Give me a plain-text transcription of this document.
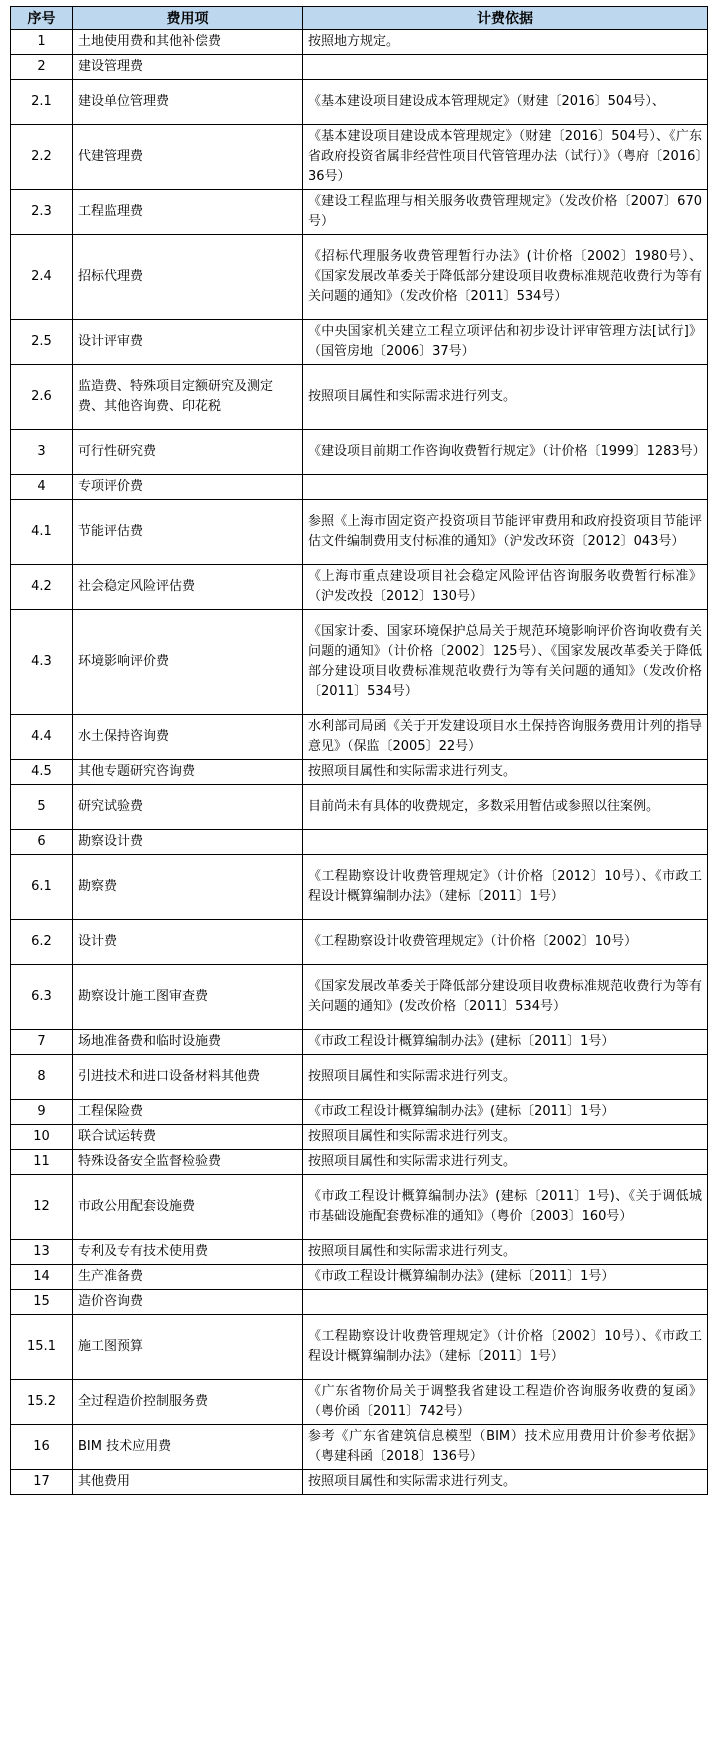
序号	费用项	计费依据
1	土地使用费和其他补偿费	按照地方规定。
2	建设管理费	
2.1	建设单位管理费	《基本建设项目建设成本管理规定》（财建〔2016〕504号）、
2.2	代建管理费	《基本建设项目建设成本管理规定》（财建〔2016〕504号）、《广东省政府投资省属非经营性项目代管管理办法（试行）》（粤府〔2016〕36号）
2.3	工程监理费	《建设工程监理与相关服务收费管理规定》（发改价格〔2007〕670号）
2.4	招标代理费	《招标代理服务收费管理暂行办法》(计价格〔2002〕1980号）、《国家发展改革委关于降低部分建设项目收费标准规范收费行为等有关问题的通知》（发改价格〔2011〕534号）
2.5	设计评审费	《中央国家机关建立工程立项评估和初步设计评审管理方法[试行]》（国管房地〔2006〕37号）
2.6	监造费、特殊项目定额研究及测定费、其他咨询费、印花税	按照项目属性和实际需求进行列支。
3	可行性研究费	《建设项目前期工作咨询收费暂行规定》（计价格〔1999〕1283号）
4	专项评价费	
4.1	节能评估费	参照《上海市固定资产投资项目节能评审费用和政府投资项目节能评估文件编制费用支付标准的通知》（沪发改环资〔2012〕043号）
4.2	社会稳定风险评估费	《上海市重点建设项目社会稳定风险评估咨询服务收费暂行标准》（沪发改投〔2012〕130号）
4.3	环境影响评价费	《国家计委、国家环境保护总局关于规范环境影响评价咨询收费有关问题的通知》（计价格〔2002〕125号）、《国家发展改革委关于降低部分建设项目收费标准规范收费行为等有关问题的通知》（发改价格〔2011〕534号）
4.4	水土保持咨询费	水利部司局函《关于开发建设项目水土保持咨询服务费用计列的指导意见》（保监〔2005〕22号）
4.5	其他专题研究咨询费	按照项目属性和实际需求进行列支。
5	研究试验费	目前尚未有具体的收费规定，多数采用暂估或参照以往案例。
6	勘察设计费	
6.1	勘察费	《工程勘察设计收费管理规定》（计价格〔2012〕10号）、《市政工程设计概算编制办法》（建标〔2011〕1号）
6.2	设计费	《工程勘察设计收费管理规定》（计价格〔2002〕10号）
6.3	勘察设计施工图审查费	《国家发展改革委关于降低部分建设项目收费标准规范收费行为等有关问题的通知》(发改价格〔2011〕534号）
7	场地准备费和临时设施费	《市政工程设计概算编制办法》(建标〔2011〕1号）
8	引进技术和进口设备材料其他费	按照项目属性和实际需求进行列支。
9	工程保险费	《市政工程设计概算编制办法》(建标〔2011〕1号）
10	联合试运转费	按照项目属性和实际需求进行列支。
11	特殊设备安全监督检验费	按照项目属性和实际需求进行列支。
12	市政公用配套设施费	《市政工程设计概算编制办法》(建标〔2011〕1号)、《关于调低城市基础设施配套费标准的通知》（粤价〔2003〕160号）
13	专利及专有技术使用费	按照项目属性和实际需求进行列支。
14	生产准备费	《市政工程设计概算编制办法》(建标〔2011〕1号）
15	造价咨询费	
15.1	施工图预算	《工程勘察设计收费管理规定》（计价格〔2002〕10号）、《市政工程设计概算编制办法》（建标〔2011〕1号）
15.2	全过程造价控制服务费	《广东省物价局关于调整我省建设工程造价咨询服务收费的复函》（粤价函〔2011〕742号）
16	BIM 技术应用费	参考《广东省建筑信息模型（BIM）技术应用费用计价参考依据》（粤建科函〔2018〕136号）
17	其他费用	按照项目属性和实际需求进行列支。
